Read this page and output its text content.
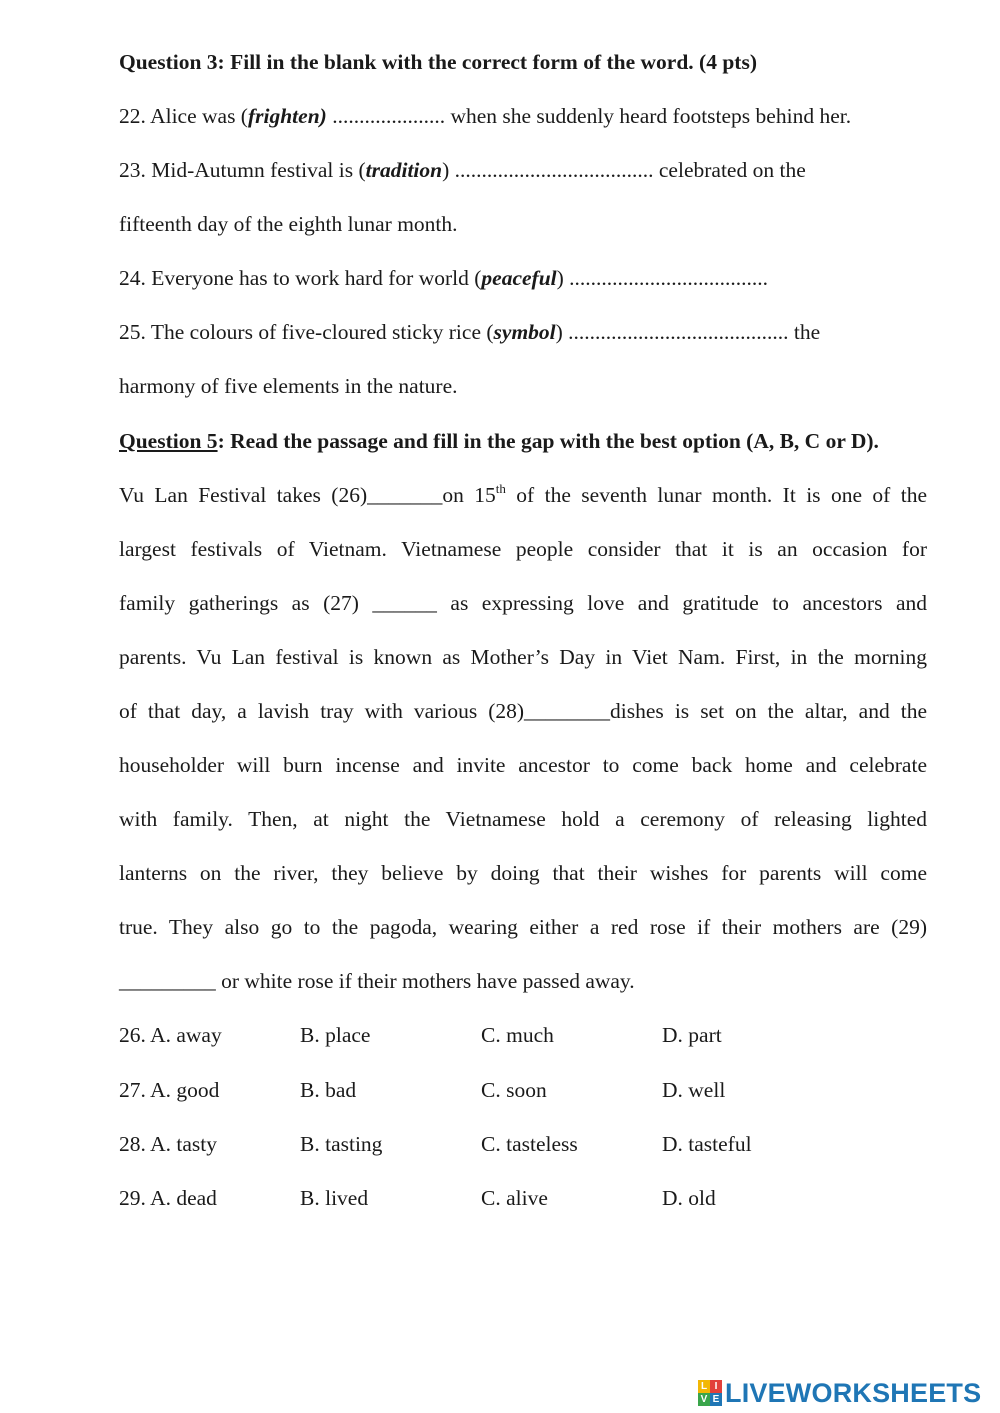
Question 3: Fill in the blank with the correct form of the word. (4 pts)
22. Alice was (frighten) ..................... when she suddenly heard footsteps behind her.
23. Mid-Autumn festival is (tradition) ..................................... celebrated on the
fifteenth day of the eighth lunar month.
24. Everyone has to work hard for world (peaceful) .....................................
25. The colours of five-cloured sticky rice (symbol) ......................................... the
harmony of five elements in the nature.
Question 5: Read the passage and fill in the gap with the best option (A, B, C or D).
Vu Lan Festival takes (26)_______on 15th of the seventh lunar month. It is one of the
largest festivals of Vietnam. Vietnamese people consider that it is an occasion for
family gatherings as (27) ______ as expressing love and gratitude to ancestors and
parents. Vu Lan festival is known as Mother’s Day in Viet Nam. First, in the morning
of that day, a lavish tray with various (28)________dishes is set on the altar, and the
householder will burn incense and invite ancestor to come back home and celebrate
with family. Then, at night the Vietnamese hold a ceremony of releasing lighted
lanterns on the river, they believe by doing that their wishes for parents will come
true. They also go to the pagoda, wearing either a red rose if their mothers are (29)
_________ or white rose if their mothers have passed away.
26. A. away	B. place	C. much	D. part
27. A. good	B. bad	C. soon	D. well
28. A. tasty	B. tasting	C. tasteless	D. tasteful
29. A. dead	B. lived	C. alive	D. old
L I
V E LIVEWORKSHEETS
